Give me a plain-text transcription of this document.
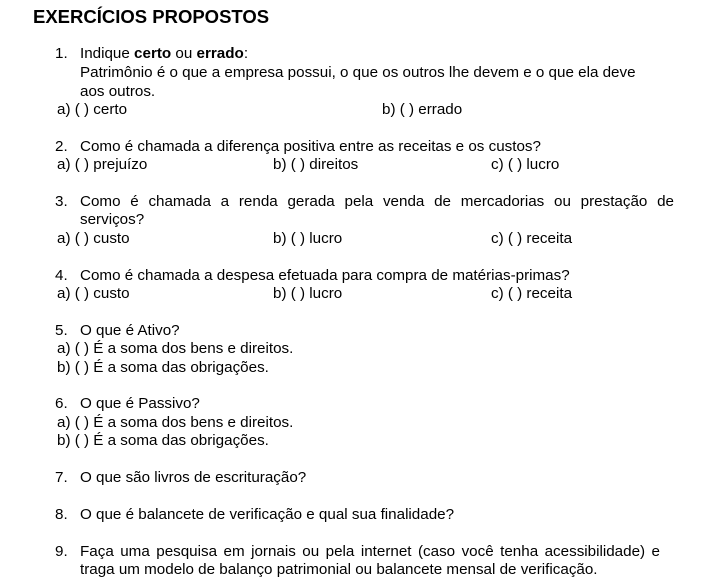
EXERCÍCIOS PROPOSTOS
1. Indique certo ou errado:
Patrimônio é o que a empresa possui, o que os outros lhe devem e o que ela deve
aos outros.
a) ( ) certo	b) ( ) errado
2. Como é chamada a diferença positiva entre as receitas e os custos?
a) ( ) prejuízo	b) ( ) direitos	c) ( ) lucro
3. Como é chamada a renda gerada pela venda de mercadorias ou prestação de
serviços?
a) ( ) custo	b) ( ) lucro	c) ( ) receita
4. Como é chamada a despesa efetuada para compra de matérias-primas?
a) ( ) custo	b) ( ) lucro	c) ( ) receita
5. O que é Ativo?
a) ( ) É a soma dos bens e direitos.
b) ( ) É a soma das obrigações.
6. O que é Passivo?
a) ( ) É a soma dos bens e direitos.
b) ( ) É a soma das obrigações.
7. O que são livros de escrituração?
8. O que é balancete de verificação e qual sua finalidade?
9. Faça uma pesquisa em jornais ou pela internet (caso você tenha acessibilidade) e
traga um modelo de balanço patrimonial ou balancete mensal de verificação.
